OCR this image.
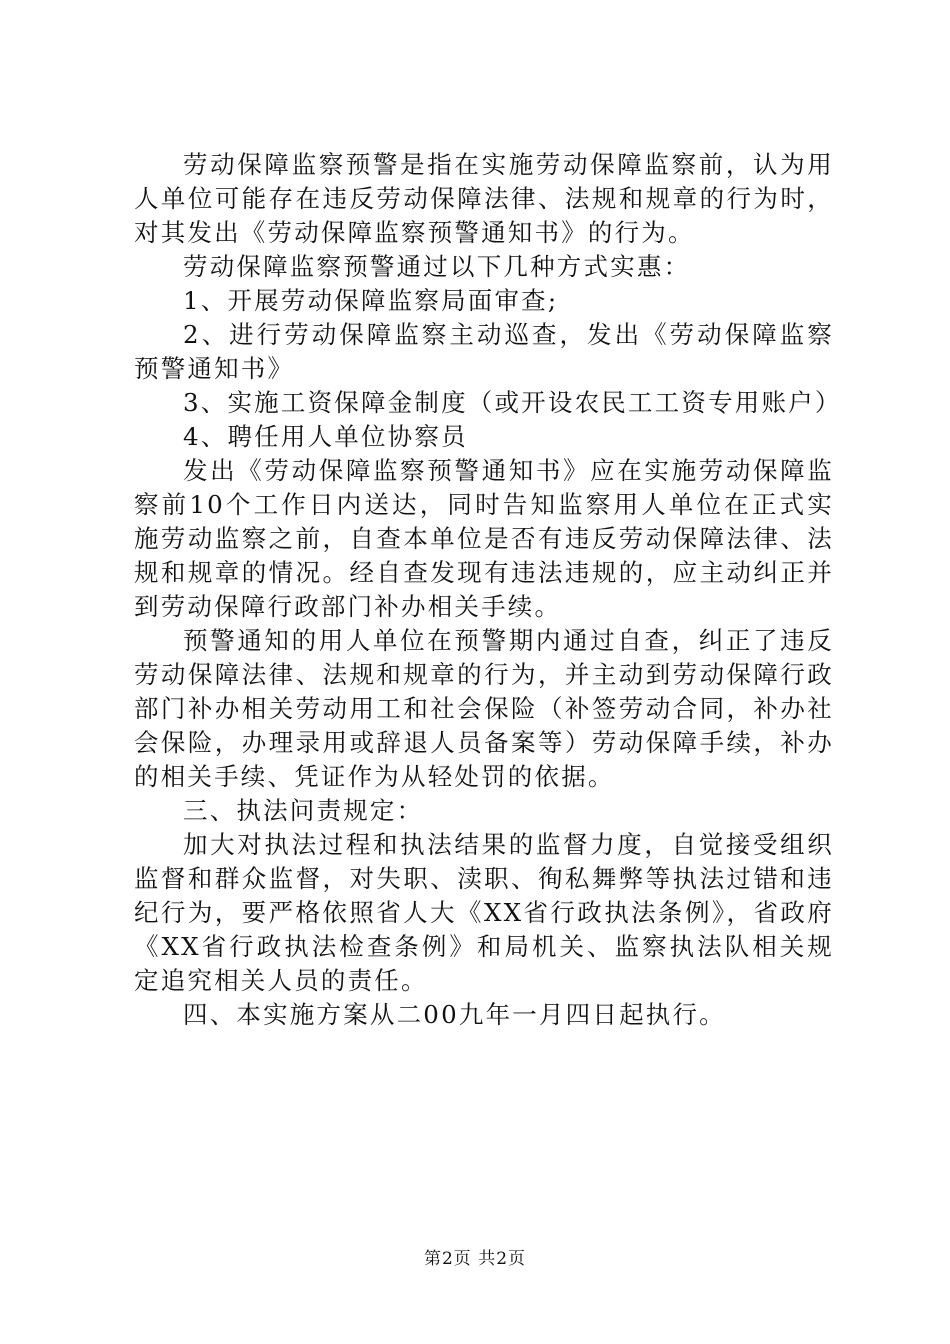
劳动保障监察预警是指在实施劳动保障监察前，认为用人单位可能存在违反劳动保障法律、法规和规章的行为时，对其发出《劳动保障监察预警通知书》的行为。

劳动保障监察预警通过以下几种方式实惠：

1、开展劳动保障监察局面审查;

2、进行劳动保障监察主动巡查，发出《劳动保障监察预警通知书》

3、实施工资保障金制度（或开设农民工工资专用账户）

4、聘任用人单位协察员

发出《劳动保障监察预警通知书》应在实施劳动保障监察前10个工作日内送达，同时告知监察用人单位在正式实施劳动监察之前，自查本单位是否有违反劳动保障法律、法规和规章的情况。经自查发现有违法违规的，应主动纠正并到劳动保障行政部门补办相关手续。

预警通知的用人单位在预警期内通过自查，纠正了违反劳动保障法律、法规和规章的行为，并主动到劳动保障行政部门补办相关劳动用工和社会保险（补签劳动合同，补办社会保险，办理录用或辞退人员备案等）劳动保障手续，补办的相关手续、凭证作为从轻处罚的依据。

三、执法问责规定：

加大对执法过程和执法结果的监督力度，自觉接受组织监督和群众监督，对失职、渎职、徇私舞弊等执法过错和违纪行为，要严格依照省人大《XX省行政执法条例》，省政府《XX省行政执法检查条例》和局机关、监察执法队相关规定追究相关人员的责任。

四、本实施方案从二00九年一月四日起执行。

第2页 共2页
